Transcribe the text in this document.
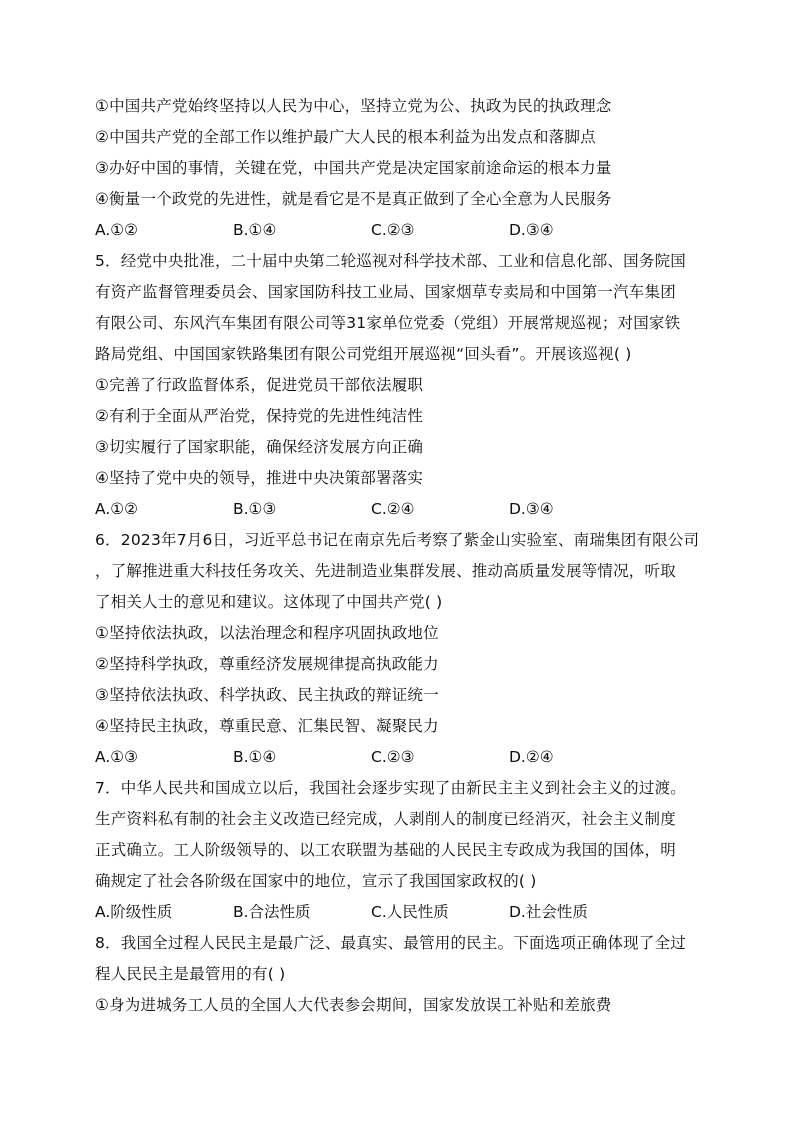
①中国共产党始终坚持以人民为中心，坚持立党为公、执政为民的执政理念
②中国共产党的全部工作以维护最广大人民的根本利益为出发点和落脚点
③办好中国的事情，关键在党，中国共产党是决定国家前途命运的根本力量
④衡量一个政党的先进性，就是看它是不是真正做到了全心全意为人民服务
A.①②	B.①④	C.②③	D.③④
5．经党中央批准，二十届中央第二轮巡视对科学技术部、工业和信息化部、国务院国
有资产监督管理委员会、国家国防科技工业局、国家烟草专卖局和中国第一汽车集团
有限公司、东风汽车集团有限公司等31家单位党委（党组）开展常规巡视；对国家铁
路局党组、中国国家铁路集团有限公司党组开展巡视“回头看”。开展该巡视( )
①完善了行政监督体系，促进党员干部依法履职
②有利于全面从严治党，保持党的先进性纯洁性
③切实履行了国家职能，确保经济发展方向正确
④坚持了党中央的领导，推进中央决策部署落实
A.①②	B.①③	C.②④	D.③④
6．2023年7月6日，习近平总书记在南京先后考察了紫金山实验室、南瑞集团有限公司
，了解推进重大科技任务攻关、先进制造业集群发展、推动高质量发展等情况，听取
了相关人士的意见和建议。这体现了中国共产党( )
①坚持依法执政，以法治理念和程序巩固执政地位
②坚持科学执政，尊重经济发展规律提高执政能力
③坚持依法执政、科学执政、民主执政的辩证统一
④坚持民主执政，尊重民意、汇集民智、凝聚民力
A.①③	B.①④	C.②③	D.②④
7．中华人民共和国成立以后，我国社会逐步实现了由新民主主义到社会主义的过渡。
生产资料私有制的社会主义改造已经完成，人剥削人的制度已经消灭，社会主义制度
正式确立。工人阶级领导的、以工农联盟为基础的人民民主专政成为我国的国体，明
确规定了社会各阶级在国家中的地位，宣示了我国国家政权的( )
A.阶级性质	B.合法性质	C.人民性质	D.社会性质
8．我国全过程人民民主是最广泛、最真实、最管用的民主。下面选项正确体现了全过
程人民民主是最管用的有( )
①身为进城务工人员的全国人大代表参会期间，国家发放误工补贴和差旅费
